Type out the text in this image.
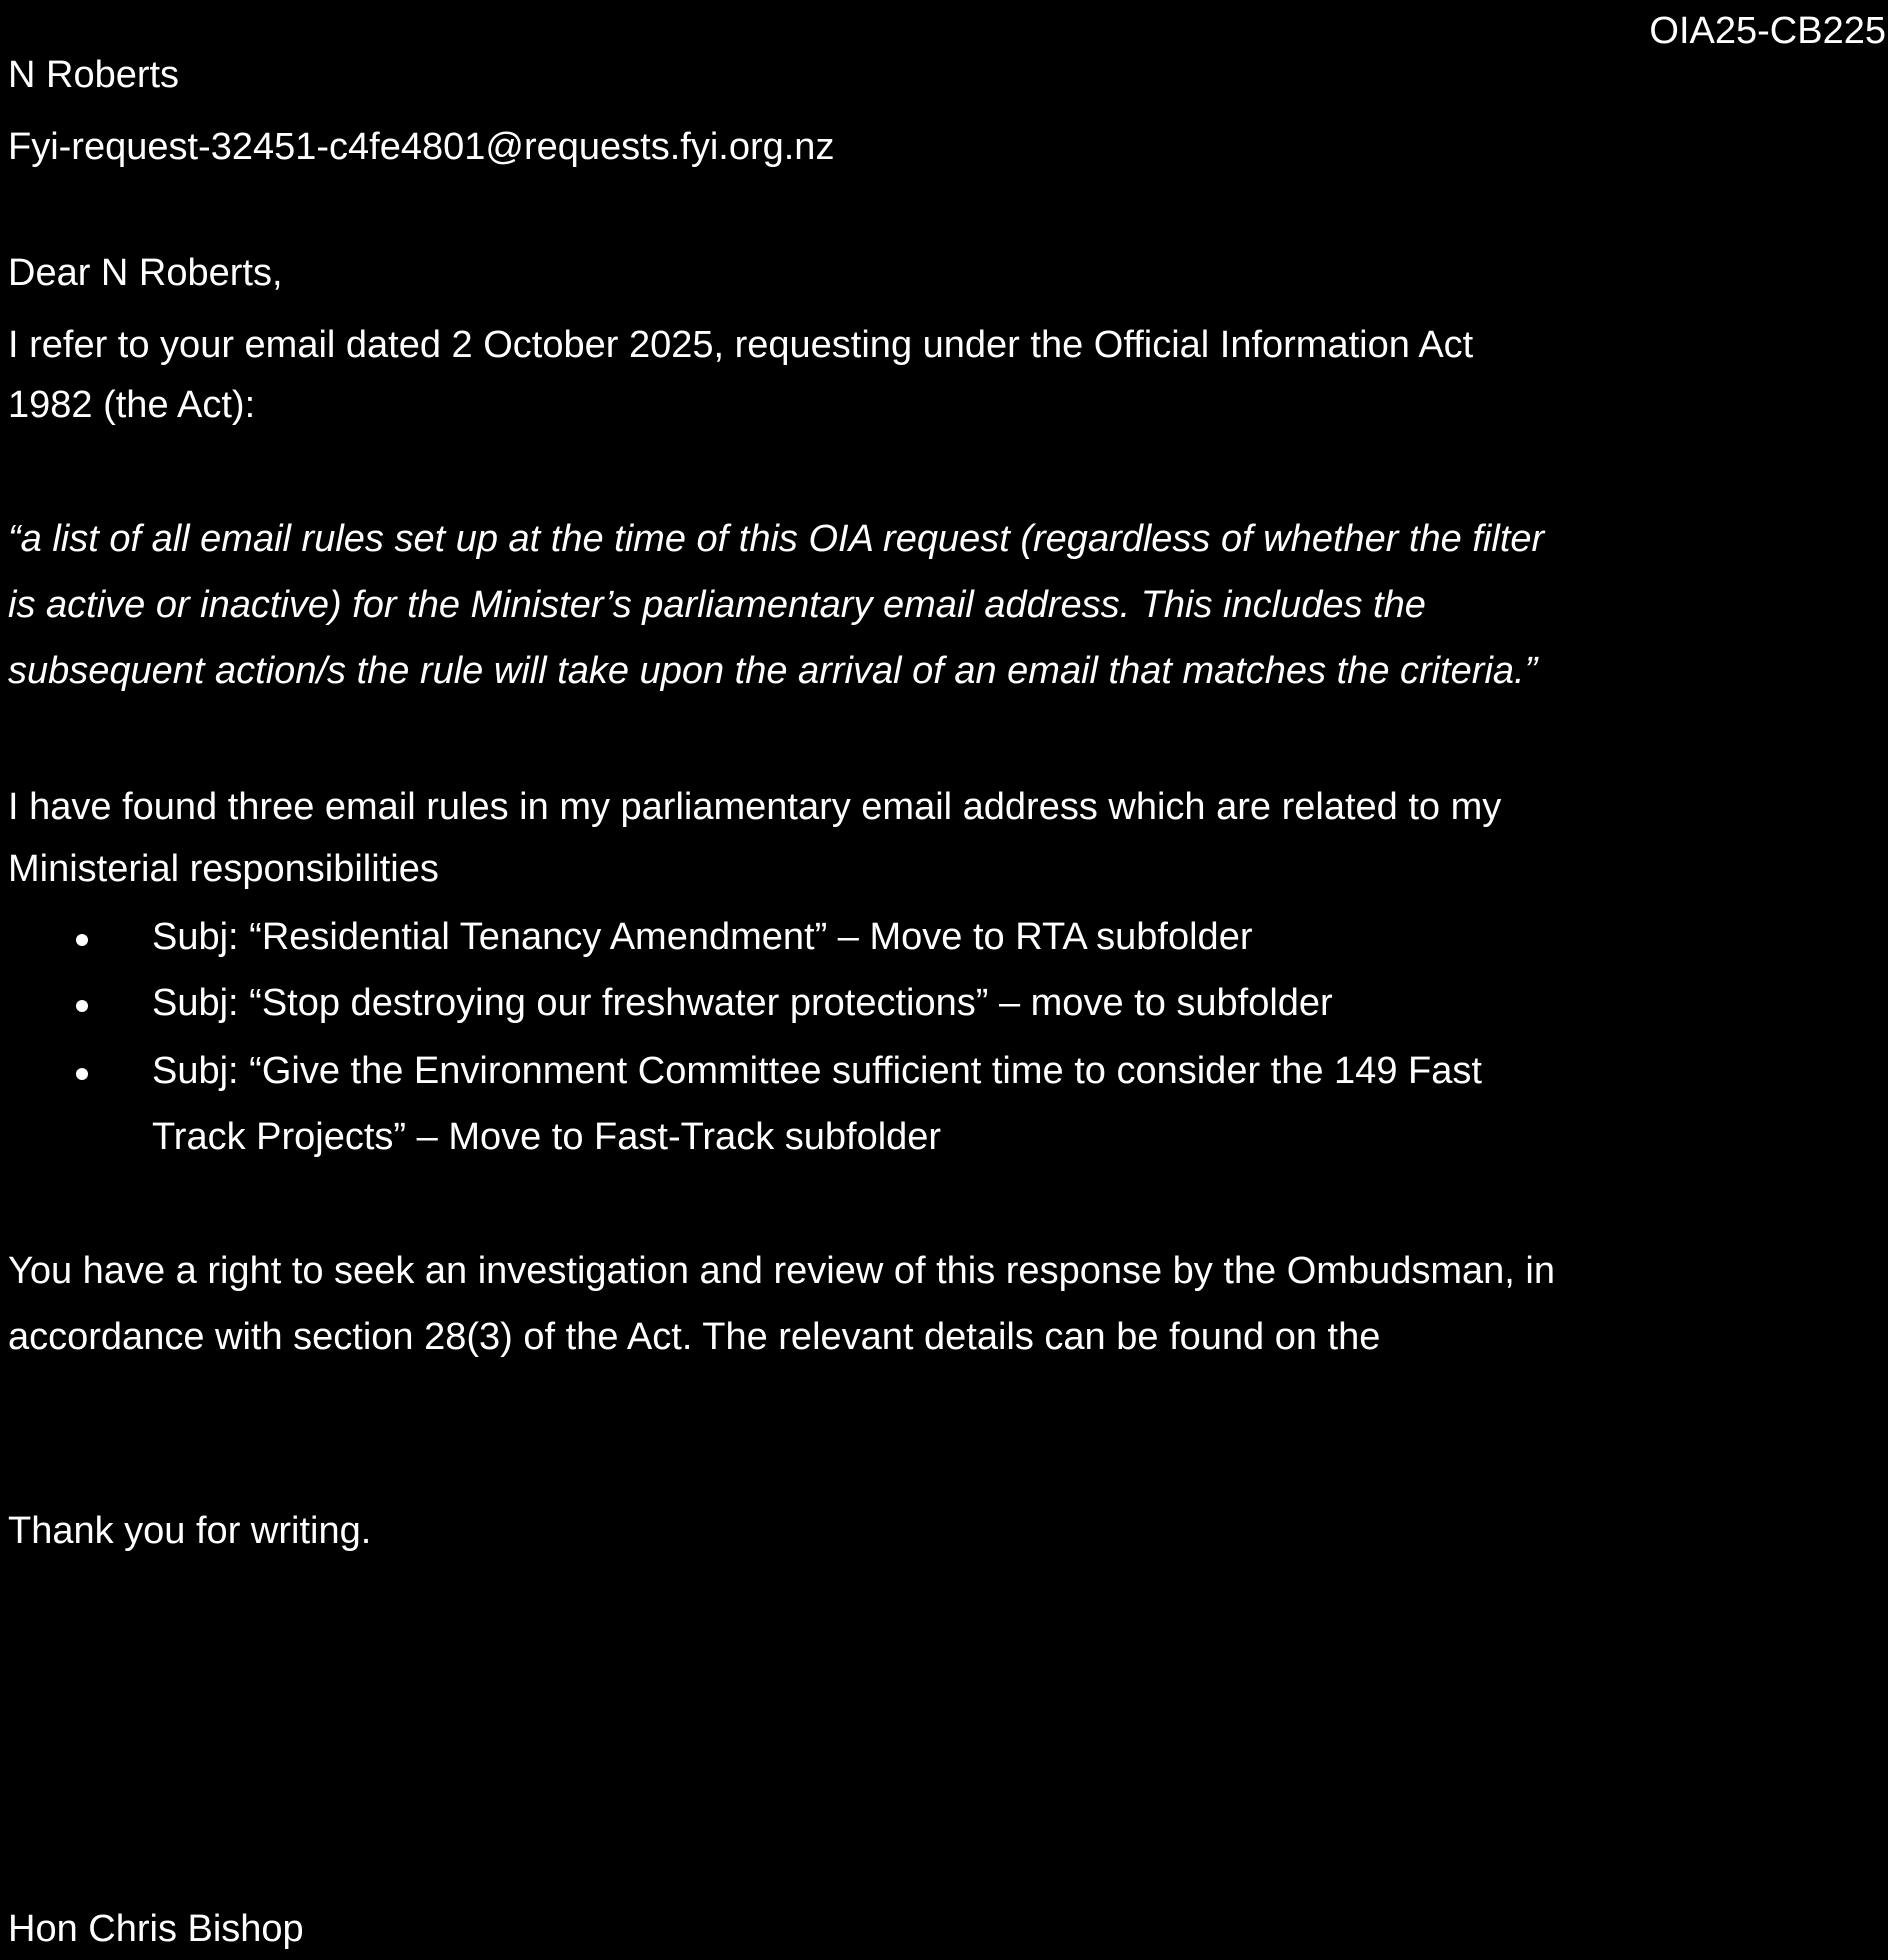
OIA25-CB225
N Roberts
Fyi-request-32451-c4fe4801@requests.fyi.org.nz
Dear N Roberts,
I refer to your email dated 2 October 2025, requesting under the Official Information Act
1982 (the Act):
“a list of all email rules set up at the time of this OIA request (regardless of whether the filter
is active or inactive) for the Minister’s parliamentary email address. This includes the
subsequent action/s the rule will take upon the arrival of an email that matches the criteria.”
I have found three email rules in my parliamentary email address which are related to my
Ministerial responsibilities
Subj: “Residential Tenancy Amendment” – Move to RTA subfolder
Subj: “Stop destroying our freshwater protections” – move to subfolder
Subj: “Give the Environment Committee sufficient time to consider the 149 Fast
Track Projects” – Move to Fast-Track subfolder
You have a right to seek an investigation and review of this response by the Ombudsman, in
accordance with section 28(3) of the Act. The relevant details can be found on the
Thank you for writing.
Hon Chris Bishop
